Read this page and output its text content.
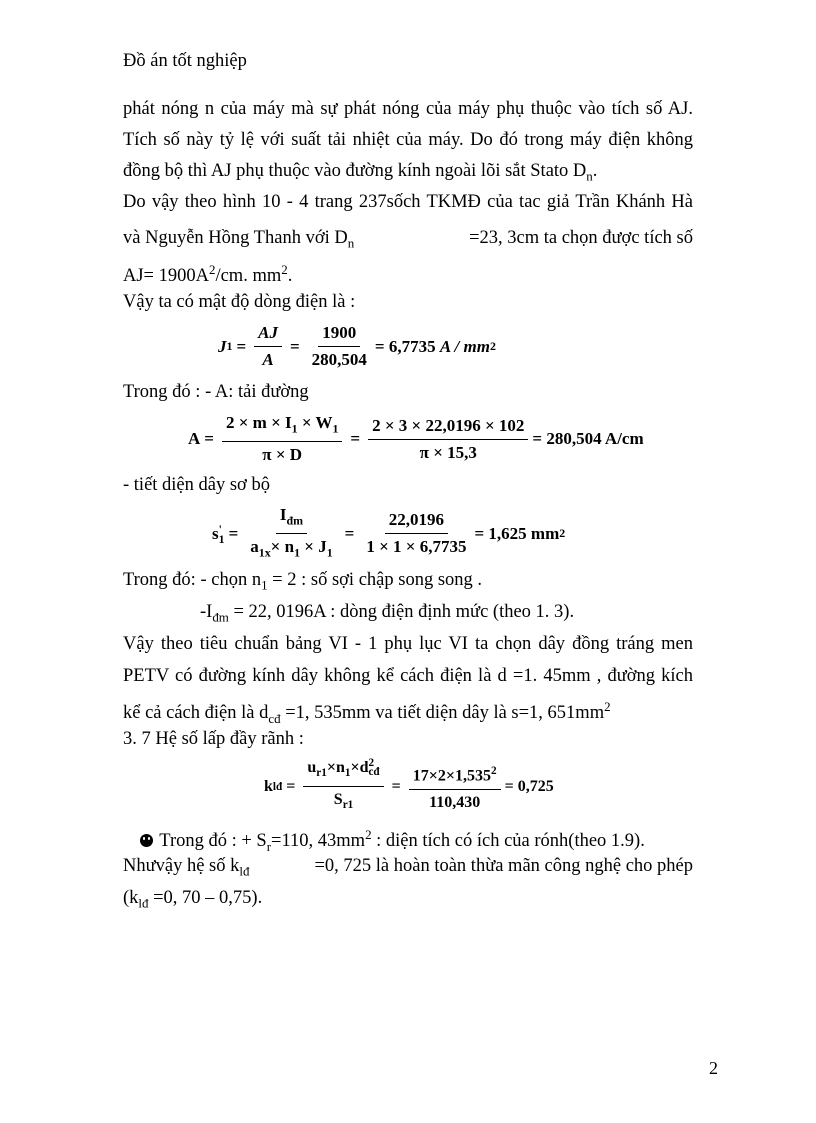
Đồ án tốt nghiệp
phát nóng n của máy mà sự phát nóng của máy phụ thuộc vào tích số AJ.
Tích số này tỷ lệ với suất tải nhiệt của máy. Do đó trong máy điện không
đồng bộ thì AJ phụ thuộc vào đường kính ngoài lõi sắt Stato $D_n$.
Do vậy theo hình 10 - 4 trang 237sốch TKMĐ của tac giả Trần Khánh Hà
và Nguyễn Hồng Thanh với $D_n$	=23, 3cm ta chọn được tích số
$AJ= 1900A^2/cm$. $mm^2$.
Vậy ta có mật độ dòng điện là :
J $1 = \frac{AJ}{A} = \frac{1900}{280,504} = 6,7735$
A / mm 2
Trong đó : - A: tải đường
$A = \frac{2 \times m \times I_1 \times W_1}{\pi \times D} = \frac{2 \times 3 \times 22,0196 \times 102}{\pi \times 15,3} = 280,504$ A/cm
- tiết diện dây sơ bộ
s '
$1 = \frac{I_{đm}}{a_{1x}\times n_1 \times J_1} = \frac{22,0196}{1 \times 1 \times 6,7735} = 1,625$ mm 2
Trong đó: - chọn $n_1 = 2$ : số sợi chập song song .
$-I_{đm} = 22$, 0196A : dòng điện định mức (theo 1. 3).
Vậy theo tiêu chuẩn bảng VI - 1 phụ lục VI ta chọn dây đồng tráng men
PETV có đường kính dây không kể cách điện là d =1. 45mm , đường kích
kể cả cách điện là $d_{cđ} =1$, 535mm va tiết diện dây là s=1, $651mm^2$
3. 7 Hệ số lấp đầy rãnh :
k lđ = $u_{r1}\times n_1\times d$ 2
cđ
$S_{r1} = \frac{17\times 2\times 1,535^2}{110,430} = 0,725$
Trong đó : + $S_r=110$, $43mm^2$ : diện tích có ích của rónh(theo 1.9).
Nhưvậy hệ số $k_{lđ}$	=0, 725 là hoàn toàn thừa mãn công nghệ cho phép
($k_{lđ} =0$, 70 – 0,75).
2
